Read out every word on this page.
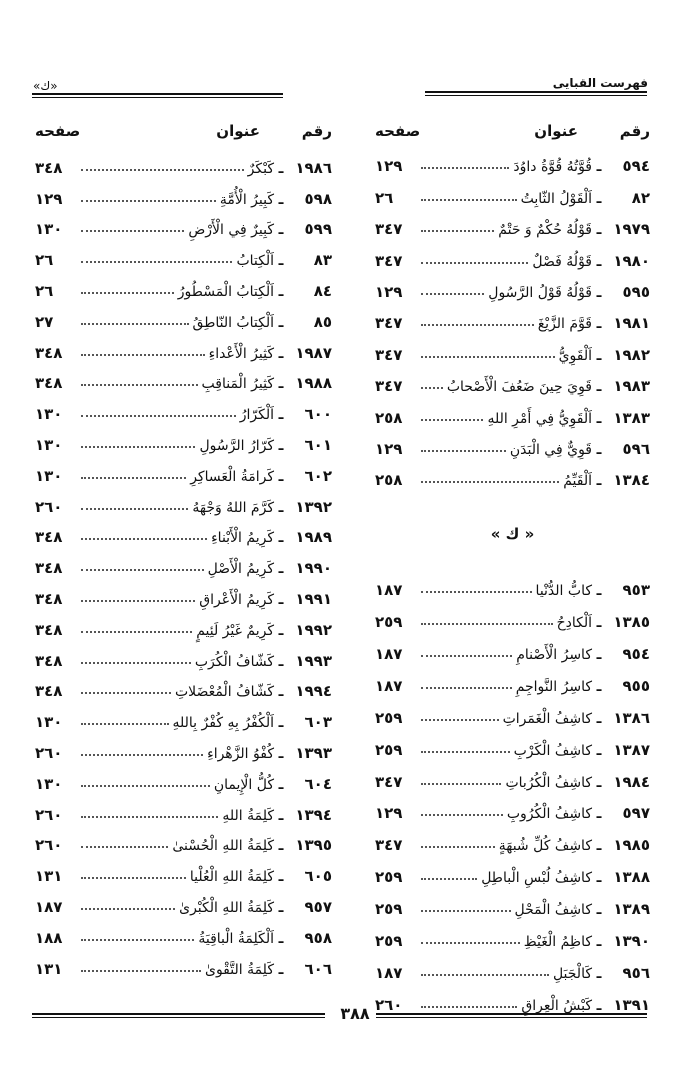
فهرست القبایی
«ك»
رقم
عنوان
صفحه
٥٩٤
ـ
قُوَّتُهُ قُوَّةُ داوُدَ
١٢٩
٨٢
ـ
اَلْقَوْلُ الثّابِتُ
٢٦
١٩٧٩
ـ
قَوْلُهُ حُكْمٌ وَ حَتْمٌ
٣٤٧
١٩٨٠
ـ
قَوْلُهُ فَصْلٌ
٣٤٧
٥٩٥
ـ
قَوْلُهُ قَوْلُ الرَّسُولِ
١٢٩
١٩٨١
ـ
قَوَّمَ الزَّيْغَ
٣٤٧
١٩٨٢
ـ
اَلْقَوِيُّ
٣٤٧
١٩٨٣
ـ
قَوِيَ حِينَ ضَعُفَ الْأَصْحابُ
٣٤٧
١٣٨٣
ـ
اَلْقَوِيُّ فِي أَمْرِ اللهِ
٢٥٨
٥٩٦
ـ
قَوِيٌّ فِي الْبَدَنِ
١٢٩
١٣٨٤
ـ
اَلْقَيِّمُ
٢٥٨
« ك »
٩٥٣
ـ
كابُّ الدُّنْيا
١٨٧
١٣٨٥
ـ
اَلْكادِحُ
٢٥٩
٩٥٤
ـ
كاسِرُ الْأَصْنامِ
١٨٧
٩٥٥
ـ
كاسِرُ النَّواجِمِ
١٨٧
١٣٨٦
ـ
كاشِفُ الْغَمَراتِ
٢٥٩
١٣٨٧
ـ
كاشِفُ الْكَرْبِ
٢٥٩
١٩٨٤
ـ
كاشِفُ الْكُرُباتِ
٣٤٧
٥٩٧
ـ
كاشِفُ الْكُرُوبِ
١٢٩
١٩٨٥
ـ
كاشِفُ كُلِّ شُبهَةٍ
٣٤٧
١٣٨٨
ـ
كاشِفُ لُبْسِ الْباطِلِ
٢٥٩
١٣٨٩
ـ
كاشِفُ الْمَحْلِ
٢٥٩
١٣٩٠
ـ
كاظِمُ الْغَيْظِ
٢٥٩
٩٥٦
ـ
كَالْجَبَلِ
١٨٧
١٣٩١
ـ
كَبْشُ الْعِراقِ
٢٦٠
رقم
عنوان
صفحه
١٩٨٦
ـ
كَبْكَرٌ
٣٤٨
٥٩٨
ـ
كَبِيرُ الْأُمَّةِ
١٢٩
٥٩٩
ـ
كَبِيرٌ فِي الْأَرْضِ
١٣٠
٨٣
ـ
اَلْكِتابُ
٢٦
٨٤
ـ
اَلْكِتابُ الْمَسْطُورُ
٢٦
٨٥
ـ
اَلْكِتابُ النّاطِقُ
٢٧
١٩٨٧
ـ
كَثِيرُ الْأَعْداءِ
٣٤٨
١٩٨٨
ـ
كَثِيرُ الْمَناقِبِ
٣٤٨
٦٠٠
ـ
اَلْكَرّارُ
١٣٠
٦٠١
ـ
كَرّارُ الرَّسُولِ
١٣٠
٦٠٢
ـ
كَرامَةُ الْعَساكِرِ
١٣٠
١٣٩٢
ـ
كَرَّمَ اللهُ وَجْهَهُ
٢٦٠
١٩٨٩
ـ
كَرِيمُ الْأَبْناءِ
٣٤٨
١٩٩٠
ـ
كَرِيمُ الْأَصْلِ
٣٤٨
١٩٩١
ـ
كَرِيمُ الْأَعْراقِ
٣٤٨
١٩٩٢
ـ
كَرِيمٌ غَيْرُ لَئِيمٍ
٣٤٨
١٩٩٣
ـ
كَشّافُ الْكُرَبِ
٣٤٨
١٩٩٤
ـ
كَشّافُ الْمُعْضَلاتِ
٣٤٨
٦٠٣
ـ
اَلْكُفْرُ بِهِ كُفْرٌ بِاللهِ
١٣٠
١٣٩٣
ـ
كُفْوُ الزَّهْراءِ
٢٦٠
٦٠٤
ـ
كُلُّ الْإِيمانِ
١٣٠
١٣٩٤
ـ
كَلِمَةُ اللهِ
٢٦٠
١٣٩٥
ـ
كَلِمَةُ اللهِ الْحُسْنىٰ
٢٦٠
٦٠٥
ـ
كَلِمَةُ اللهِ الْعُلْيا
١٣١
٩٥٧
ـ
كَلِمَةُ اللهِ الْكُبْرىٰ
١٨٧
٩٥٨
ـ
اَلْكَلِمَةُ الْباقِيَةُ
١٨٨
٦٠٦
ـ
كَلِمَةُ التَّقْوىٰ
١٣١
٣٨٨
